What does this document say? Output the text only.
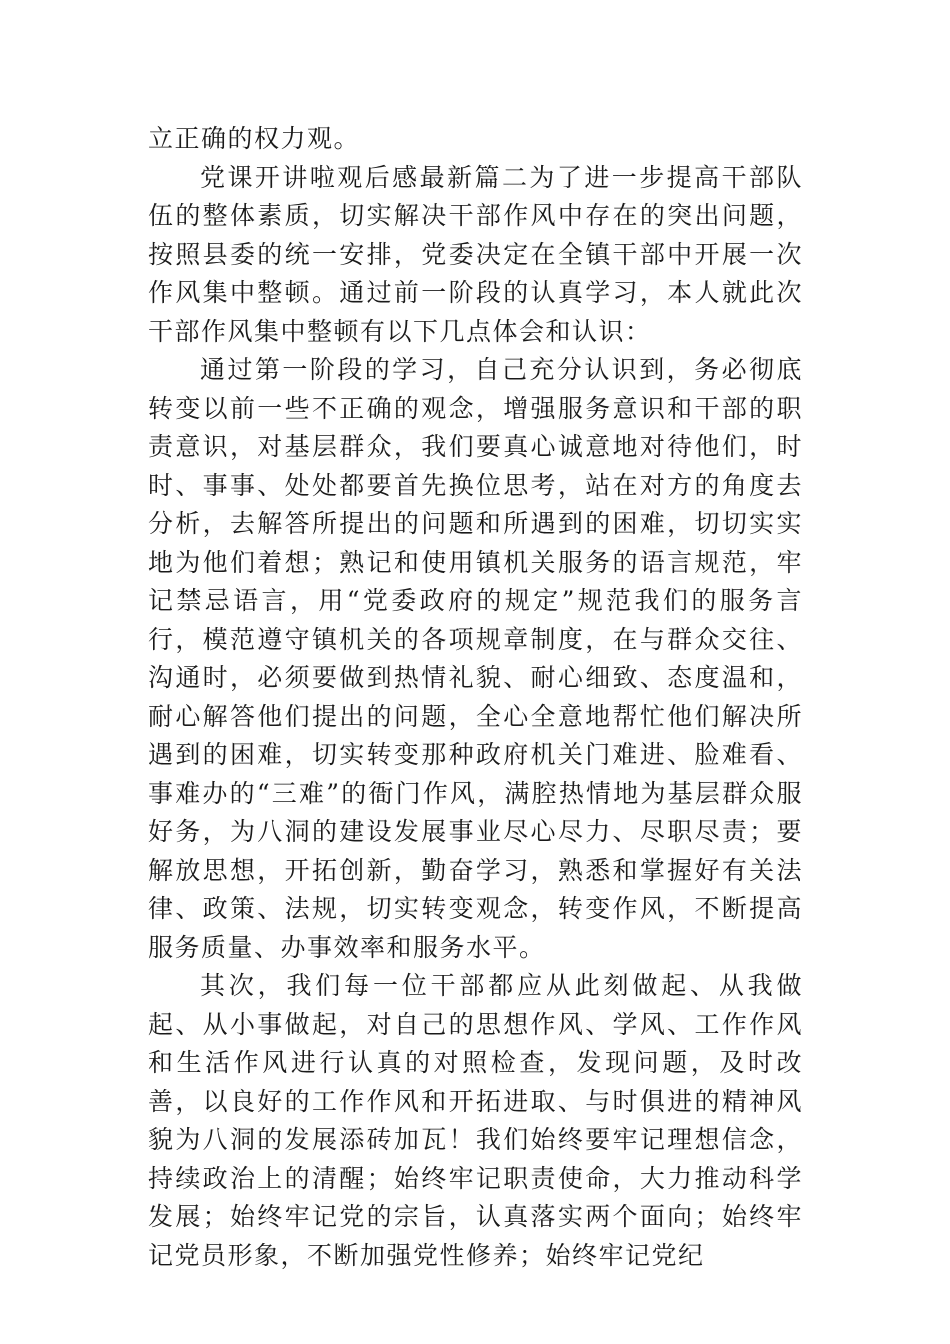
立正确的权力观。

党课开讲啦观后感最新篇二为了进一步提高干部队伍的整体素质，切实解决干部作风中存在的突出问题，按照县委的统一安排，党委决定在全镇干部中开展一次作风集中整顿。通过前一阶段的认真学习，本人就此次干部作风集中整顿有以下几点体会和认识：

通过第一阶段的学习，自己充分认识到，务必彻底转变以前一些不正确的观念，增强服务意识和干部的职责意识，对基层群众，我们要真心诚意地对待他们，时时、事事、处处都要首先换位思考，站在对方的角度去分析，去解答所提出的问题和所遇到的困难，切切实实地为他们着想；熟记和使用镇机关服务的语言规范，牢记禁忌语言，用“党委政府的规定”规范我们的服务言行，模范遵守镇机关的各项规章制度，在与群众交往、沟通时，必须要做到热情礼貌、耐心细致、态度温和，耐心解答他们提出的问题，全心全意地帮忙他们解决所遇到的困难，切实转变那种政府机关门难进、脸难看、事难办的“三难”的衙门作风，满腔热情地为基层群众服好务，为八洞的建设发展事业尽心尽力、尽职尽责；要解放思想，开拓创新，勤奋学习，熟悉和掌握好有关法律、政策、法规，切实转变观念，转变作风，不断提高服务质量、办事效率和服务水平。

其次，我们每一位干部都应从此刻做起、从我做起、从小事做起，对自己的思想作风、学风、工作作风和生活作风进行认真的对照检查，发现问题，及时改善，以良好的工作作风和开拓进取、与时俱进的精神风貌为八洞的发展添砖加瓦！我们始终要牢记理想信念，持续政治上的清醒；始终牢记职责使命，大力推动科学发展；始终牢记党的宗旨，认真落实两个面向；始终牢记党员形象，不断加强党性修养；始终牢记党纪
